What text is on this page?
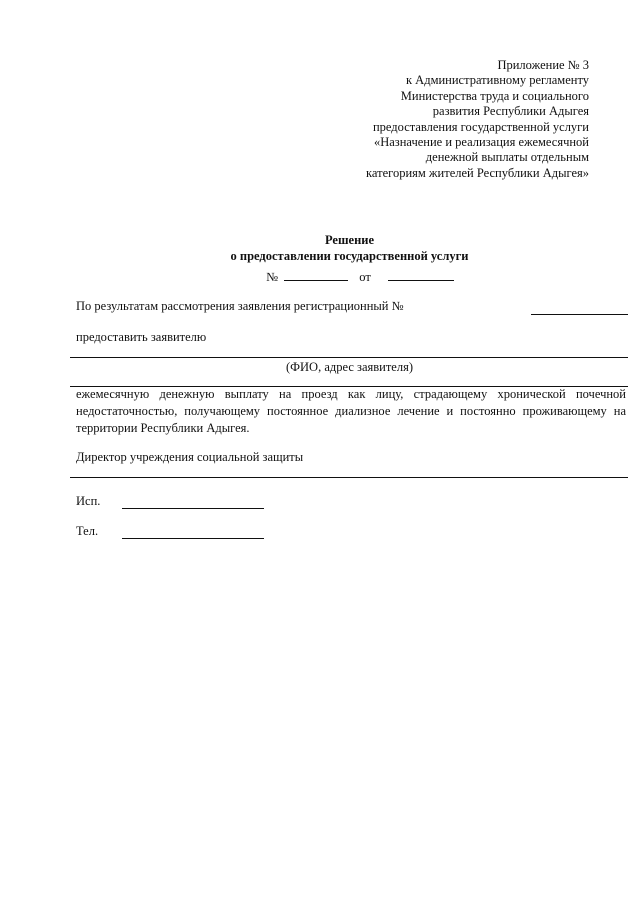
Приложение № 3
к Административному регламенту
Министерства труда и социального
развития Республики Адыгея
предоставления государственной услуги
«Назначение и реализация ежемесячной
денежной выплаты отдельным
категориям жителей Республики Адыгея»
Решение
о предоставлении государственной услуги
№	от
По результатам рассмотрения заявления регистрационный №
предоставить заявителю
(ФИО, адрес заявителя)
ежемесячную денежную выплату на проезд как лицу, страдающему хронической почечной недостаточностью, получающему постоянное диализное лечение и постоянно проживающему на территории Республики Адыгея.
Директор учреждения социальной защиты
Исп.
Тел.
